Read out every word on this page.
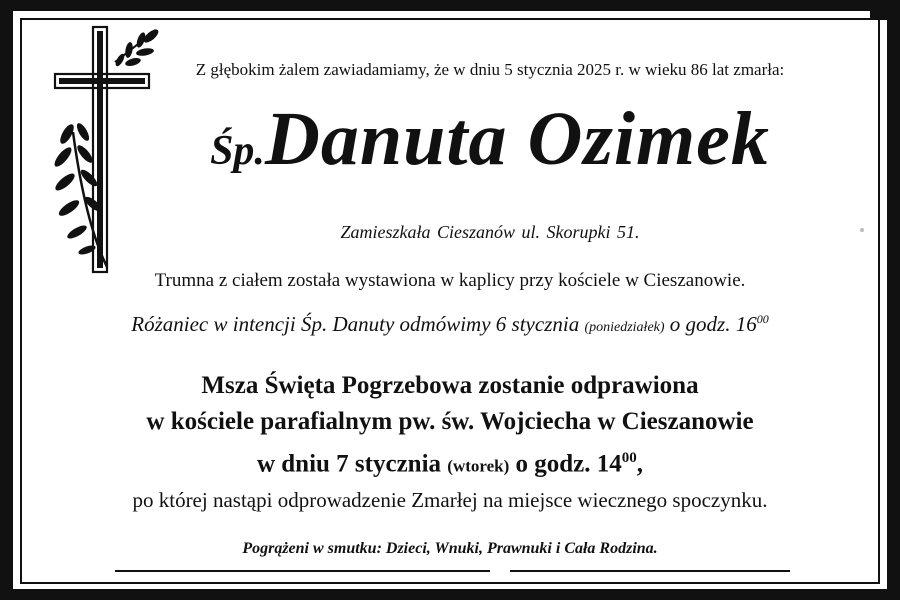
Z głębokim żalem zawiadamiamy, że w dniu 5 stycznia 2025 r. w wieku 86 lat zmarła:
Śp.Danuta Ozimek
Zamieszkała Cieszanów ul. Skorupki 51.
Trumna z ciałem została wystawiona w kaplicy przy kościele w Cieszanowie.
Różaniec w intencji Śp. Danuty odmówimy 6 stycznia (poniedziałek) o godz. $16^{00}$
Msza Święta Pogrzebowa zostanie odprawiona
w kościele parafialnym pw. św. Wojciecha w Cieszanowie
w dniu 7 stycznia (wtorek) o godz. $14^{00}$,
po której nastąpi odprowadzenie Zmarłej na miejsce wiecznego spoczynku.
Pogrążeni w smutku: Dzieci, Wnuki, Prawnuki i Cała Rodzina.
